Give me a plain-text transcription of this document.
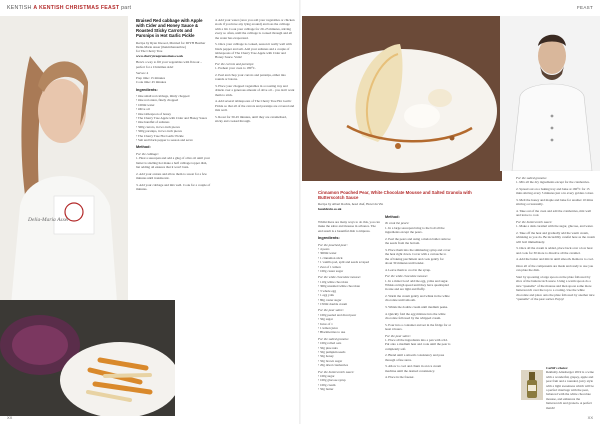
KENTISH A KENTISH CHRISTMAS FEAST part	FEAST
Delia-Maria Asser

Braised Red cabbage with Apple with Cider and Honey Sauce & Roasted Sticky Carrots and Parsnips in Hot Garlic Pickle

Recipe by Ryan Inwood, Married for DJYH Heather

Delia-Marie Asser (thekitchenoutlaw)

for The Cherry Tree

www.cherrytreepromotions.co.uk

Here's a way to fill your vegetables with flavour – perfect for a Christmas side!

Serves: 4

Prep time: 15 minutes

Cook time: 45 minutes

Ingredients:
• One small red cabbage, thinly chopped
• One red onion, finely chopped
• 100ml water
• Olive oil
• One tablespoon of honey
• The Cherry Tree Apple with Cider and Honey Sauce
• One handful of sultanas
• 500g carrots, in two inch pieces
• 500g parsnips, in two inch pieces
• The Cherry Tree Hot Garlic Pickle
• Salt and black pepper to season and serve
Method:

For the cabbage:

1. Heat a saucepan and add a glug of olive oil until your butter is sizzling hot make a half cabbage topper dish, but adding oil ensures that it won't burn.

2. Add your onions and allow them to sweat for a few minutes until translucent.

3. Add your cabbage and mix well. Cook for a couple of minutes.

4. Add your water (once you add your vegetables or chicken stock if you have any lying around) and toss the cabbage with a lid. Cook your cabbage for 20–25 minutes, stirring every so often, until the cabbage is cooked through and all the water has evaporated.

5. Once your cabbage is cooked, season it really well with black pepper and salt. Add your sultanas and a couple of tablespoons of The Cherry Tree Apple with Cider and Honey Sauce. Voila!

For the carrots and parsnips:

1. Preheat your oven to 180°C.

2. Peel and chop your carrots and parsnips, either into rounds or batons.

3. Place your chopped vegetables in a roasting tray and drizzle over a generous amount of olive oil – you don't want them to stick.

4. Add several tablespoons of The Cherry Tree Hot Garlic Pickle so that all of the carrots and parsnips are covered and mix well.

5. Roast for 30-45 minutes, until they are caramelised, sticky and cooked through.

XX

Cinnamon Poached Pear, White Chocolate Mousse and Salted Granola with Butterscotch Sauce

Recipe by Albert Rachis, head chef, Hotel du Vin

hotelduvin.co.uk

Whilst there are many ways to do this, you can make the sabre and mousse in advance. The end result is a beautiful dish to impress.

Ingredients:

For the poached pear:

• 4 pears
• 300ml water
• 1 cinnamon stick
• 1 vanilla pod, split and seeds scraped
• Zest of 1 lemon
• 100g caster sugar

For the white chocolate mousse:

• 110g white chocolate
• 300g unsalted white chocolate
• 3 whole egg
• 1 egg yolk
• 80g caster sugar
• 150ml double cream

For the pear sabre:

• 100g peeled and diced pear
• 50g sugar
• Juice of 1
• 1 lemon juice
• Blackberries to use

For the salted granola:

• 100g rolled oats
• 50g pine nuts
• 50g pumpkin seeds
• 50g honey
• 50g brown sugar
• 20g dried cranberries

For the butterscotch sauce:

• 100g sugar
• 100g glucose syrup
• 100g cream
• 50g butter
Method:

To cook the pears:

1. In a large saucepan bring to the boil all the ingredients except the pears.

2. Peel the pears and using a melon baller remove the seeds from the bottom.

3. Place them into the simmering syrup and cover the heat right down. Cover with a cartouche to the of baking parchment and cook gently for about 30 minutes until tender.

4. Leave them to cool in the syrup.

For the white chocolate mousse:

1. In a mixer bowl add the egg, yolks and sugar. Whisk on high speed until they have quadrupled in size and are light and fluffy.

2. Warm the cream gently and whisk in the white chocolate until smooth.

3. Whisk the double cream until medium peaks.

4. Quickly fold the egg mixture into the white chocolate followed by the whipped cream.

5. Pour into a container and set in the fridge for at least 4 hours.

For the pear sabre:

1. Place all the ingredients into a pan with a lid. Put onto a medium heat and cook until the pear is completely soft.

2. Blend until a smooth consistency and pass through a fine sieve.

3. Allow to cool and churn in an ice cream machine until the desired consistency.

4. Place in the freezer.

For the salted granola:

1. Mix all the dry ingredients except for the cranberries.

2. Spread out on a baking tray and bake at 160°C for 15 mins stirring every 5 minutes just a in every golden colour.

3. Melt the honey and maple and bake for another 10 mins stirring occasionally.

4. Take out of the oven and add the cranberries, mix well and leave to cool.

For the butterscotch sauce:

1. Make a dark caramel with the sugar, glucose, and water.

2. Take off the heat and gradually add the warm cream, whisking as you do. Be incredibly careful here as the cream will boil immediately.

3. Once all the cream is added, place back over a low heat and cook for 30 more to dissolve all the caramel.

4. Add the butter and mix in until smooth. Remove to cool.

Once all of the components are made and ready to use you can plate the dish.

Start by spooning a large spoon on the plate followed by slice of the butterscotch sauce. Using a warm spoon do a nice "quenelle" of the mousse and then spoon some more butterscotch over the top to a coating. Use the white chocolate and place onto the plate followed by another nice "quenelle" of the pear sorbet. Enjoy!

Carbil's choice:

Rekhuby Altesberger 2019 is a wine with a wonderful, grapey, apple and pear fruit and a rounded, juicy style with a light sweetness which will be a perfect marriage with the pear, balanced with the white chocolate mousse, and enhances the butterscotch and granola. A perfect match!

XX
